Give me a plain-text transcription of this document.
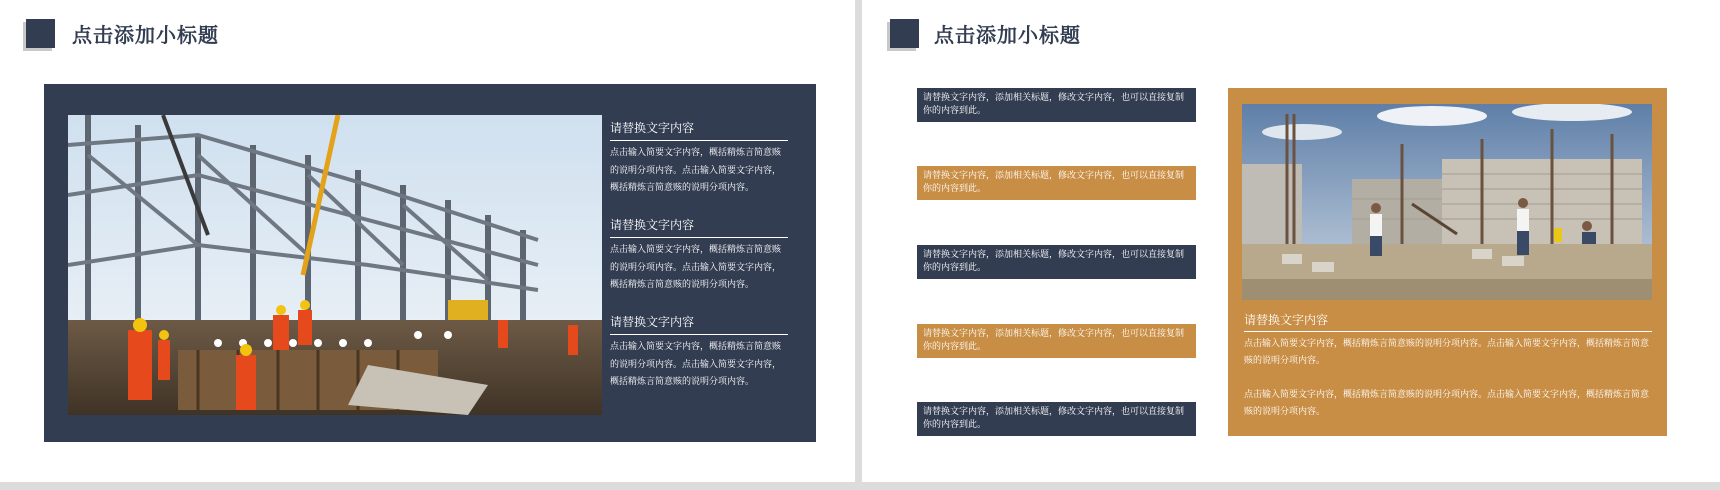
点击添加小标题
请替换文字内容
点击输入简要文字内容，概括精炼言简意赅的说明分项内容。点击输入简要文字内容，概括精炼言简意赅的说明分项内容。
请替换文字内容
点击输入简要文字内容，概括精炼言简意赅的说明分项内容。点击输入简要文字内容，概括精炼言简意赅的说明分项内容。
请替换文字内容
点击输入简要文字内容，概括精炼言简意赅的说明分项内容。点击输入简要文字内容，概括精炼言简意赅的说明分项内容。
点击添加小标题
请替换文字内容，添加相关标题，修改文字内容，也可以直接复制你的内容到此。
请替换文字内容，添加相关标题，修改文字内容，也可以直接复制你的内容到此。
请替换文字内容，添加相关标题，修改文字内容，也可以直接复制你的内容到此。
请替换文字内容，添加相关标题，修改文字内容，也可以直接复制你的内容到此。
请替换文字内容，添加相关标题，修改文字内容，也可以直接复制你的内容到此。
请替换文字内容
点击输入简要文字内容，概括精炼言简意赅的说明分项内容。点击输入简要文字内容，概括精炼言简意赅的说明分项内容。
点击输入简要文字内容，概括精炼言简意赅的说明分项内容。点击输入简要文字内容，概括精炼言简意赅的说明分项内容。
